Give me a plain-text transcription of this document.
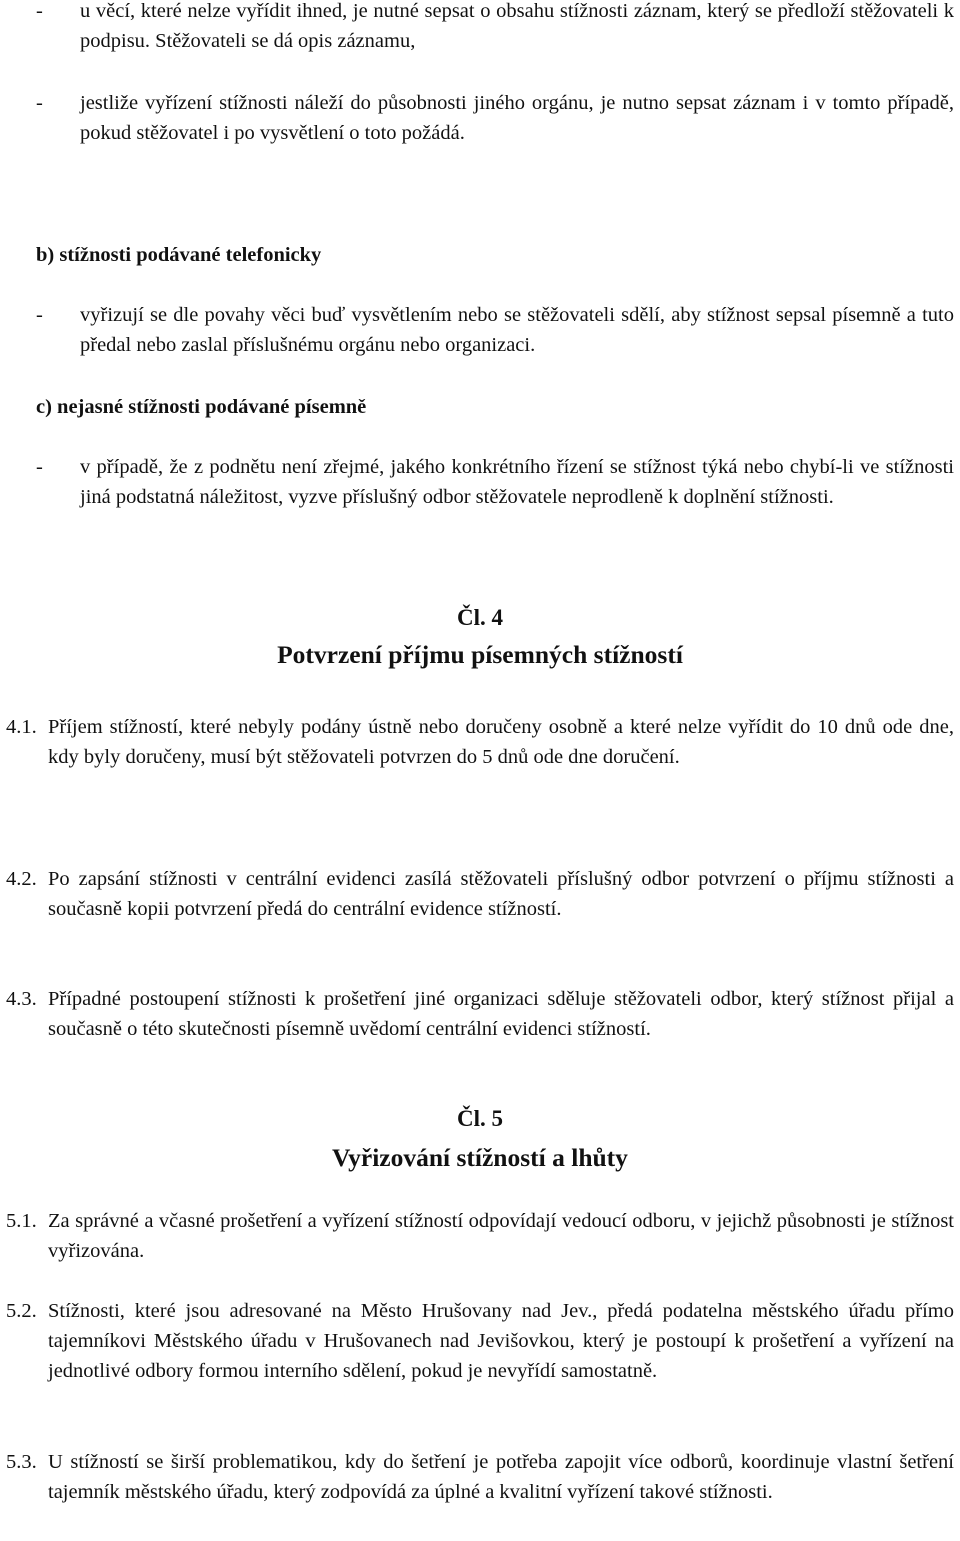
- u věcí, které nelze vyřídit ihned, je nutné sepsat o obsahu stížnosti záznam, který se předloží stěžovateli k podpisu. Stěžovateli se dá opis záznamu,
- jestliže vyřízení stížnosti náleží do působnosti jiného orgánu, je nutno sepsat záznam i v tomto případě, pokud stěžovatel i po vysvětlení o toto požádá.
b) stížnosti podávané telefonicky
- vyřizují se dle povahy věci buď vysvětlením nebo se stěžovateli sdělí, aby stížnost sepsal písemně a tuto předal nebo zaslal příslušnému orgánu nebo organizaci.
c) nejasné stížnosti podávané písemně
- v případě, že z podnětu není zřejmé, jakého konkrétního řízení se stížnost týká nebo chybí-li ve stížnosti jiná podstatná náležitost, vyzve příslušný odbor stěžovatele neprodleně k doplnění stížnosti.
Čl. 4
Potvrzení příjmu písemných stížností
4.1. Příjem stížností, které nebyly podány ústně nebo doručeny osobně a které nelze vyřídit do 10 dnů ode dne, kdy byly doručeny, musí být stěžovateli potvrzen do 5 dnů ode dne doručení.
4.2. Po zapsání stížnosti v centrální evidenci zasílá stěžovateli příslušný odbor potvrzení o příjmu stížnosti a současně kopii potvrzení předá do centrální evidence stížností.
4.3. Případné postoupení stížnosti k prošetření jiné organizaci sděluje stěžovateli odbor, který stížnost přijal a současně o této skutečnosti písemně uvědomí centrální evidenci stížností.
Čl. 5
Vyřizování stížností a lhůty
5.1. Za správné a včasné prošetření a vyřízení stížností odpovídají vedoucí odboru, v jejichž působnosti je stížnost vyřizována.
5.2. Stížnosti, které jsou adresované na Město Hrušovany nad Jev., předá podatelna městského úřadu přímo tajemníkovi Městského úřadu v Hrušovanech nad Jevišovkou, který je postoupí k prošetření a vyřízení na jednotlivé odbory formou interního sdělení, pokud je nevyřídí samostatně.
5.3. U stížností se širší problematikou, kdy do šetření je potřeba zapojit více odborů, koordinuje vlastní šetření tajemník městského úřadu, který zodpovídá za úplné a kvalitní vyřízení takové stížnosti.
